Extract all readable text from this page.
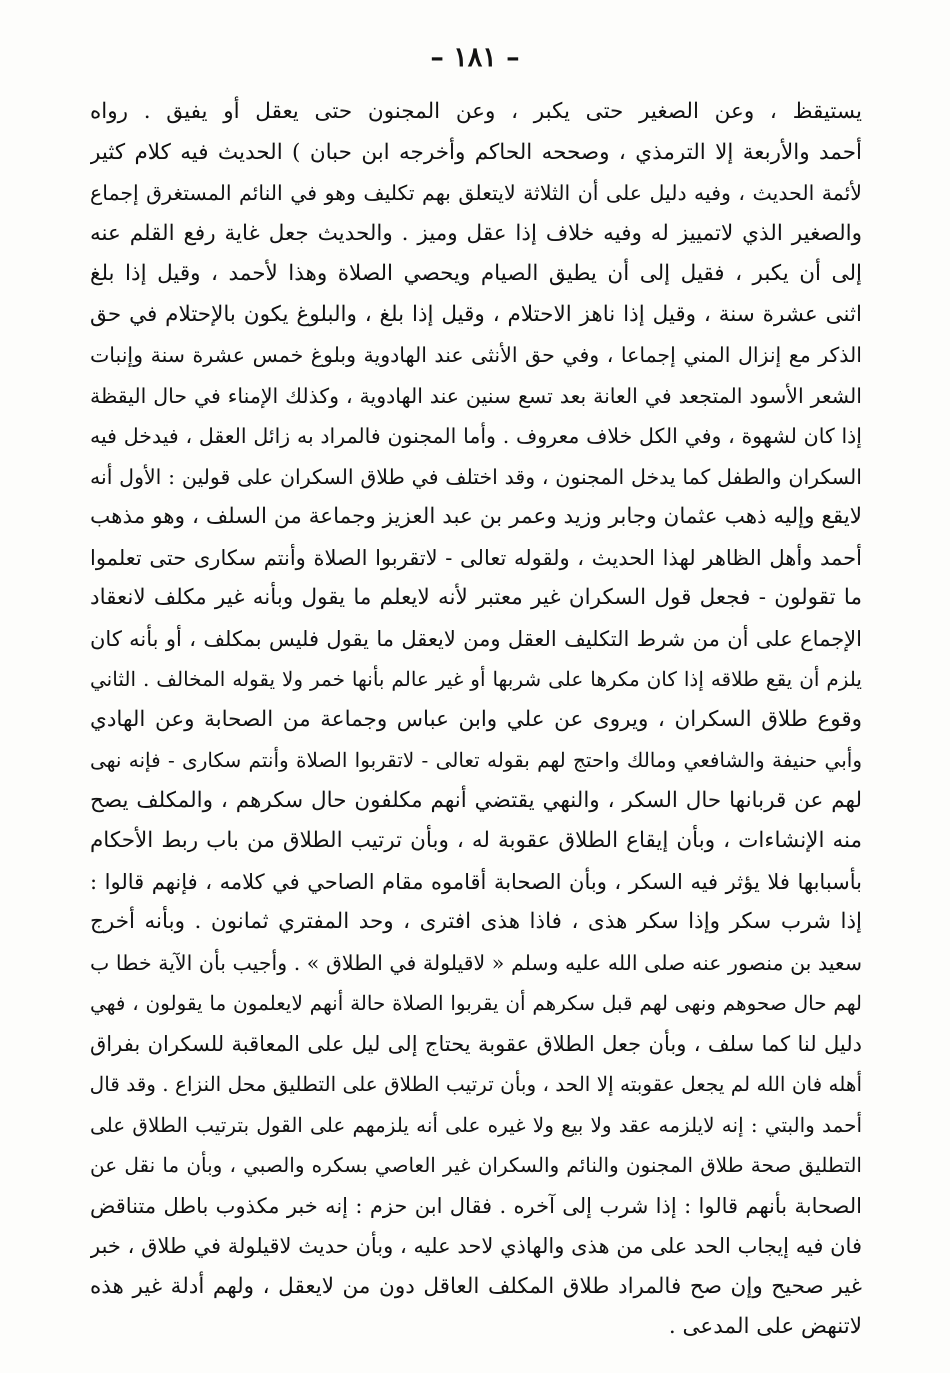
– ١٨١ –
يستيقظ ، وعن الصغير حتى يكبر ، وعن المجنون حتى يعقل أو يفيق . رواه
أحمد والأربعة إلا الترمذي ، وصححه الحاكم وأخرجه ابن حبان ) الحديث فيه كلام كثير
لأئمة الحديث ، وفيه دليل على أن الثلاثة لايتعلق بهم تكليف وهو في النائم المستغرق إجماع
والصغير الذي لاتمييز له وفيه خلاف إذا عقل وميز . والحديث جعل غاية رفع القلم عنه
إلى أن يكبر ، فقيل إلى أن يطيق الصيام ويحصي الصلاة وهذا لأحمد ، وقيل إذا بلغ
اثنى عشرة سنة ، وقيل إذا ناهز الاحتلام ، وقيل إذا بلغ ، والبلوغ يكون بالإحتلام في حق
الذكر مع إنزال المني إجماعا ، وفي حق الأنثى عند الهادوية وبلوغ خمس عشرة سنة وإنبات
الشعر الأسود المتجعد في العانة بعد تسع سنين عند الهادوية ، وكذلك الإمناء في حال اليقظة
إذا كان لشهوة ، وفي الكل خلاف معروف . وأما المجنون فالمراد به زائل العقل ، فيدخل فيه
السكران والطفل كما يدخل المجنون ، وقد اختلف في طلاق السكران على قولين : الأول أنه
لايقع وإليه ذهب عثمان وجابر وزيد وعمر بن عبد العزيز وجماعة من السلف ، وهو مذهب
أحمد وأهل الظاهر لهذا الحديث ، ولقوله تعالى - لاتقربوا الصلاة وأنتم سكارى حتى تعلموا
ما تقولون - فجعل قول السكران غير معتبر لأنه لايعلم ما يقول وبأنه غير مكلف لانعقاد
الإجماع على أن من شرط التكليف العقل ومن لايعقل ما يقول فليس بمكلف ، أو بأنه كان
يلزم أن يقع طلاقه إذا كان مكرها على شربها أو غير عالم بأنها خمر ولا يقوله المخالف . الثاني
وقوع طلاق السكران ، ويروى عن علي وابن عباس وجماعة من الصحابة وعن الهادي
وأبي حنيفة والشافعي ومالك واحتج لهم بقوله تعالى - لاتقربوا الصلاة وأنتم سكارى - فإنه نهى
لهم عن قربانها حال السكر ، والنهي يقتضي أنهم مكلفون حال سكرهم ، والمكلف يصح
منه الإنشاءات ، وبأن إيقاع الطلاق عقوبة له ، وبأن ترتيب الطلاق من باب ربط الأحكام
بأسبابها فلا يؤثر فيه السكر ، وبأن الصحابة أقاموه مقام الصاحي في كلامه ، فإنهم قالوا :
إذا شرب سكر وإذا سكر هذى ، فاذا هذى افترى ، وحد المفتري ثمانون . وبأنه أخرج
سعيد بن منصور عنه صلى الله عليه وسلم « لاقيلولة في الطلاق » . وأجيب بأن الآية خطا ب
لهم حال صحوهم ونهى لهم قبل سكرهم أن يقربوا الصلاة حالة أنهم لايعلمون ما يقولون ، فهي
دليل لنا كما سلف ، وبأن جعل الطلاق عقوبة يحتاج إلى ليل على المعاقبة للسكران بفراق
أهله فان الله لم يجعل عقوبته إلا الحد ، وبأن ترتيب الطلاق على التطليق محل النزاع . وقد قال
أحمد والبتي : إنه لايلزمه عقد ولا بيع ولا غيره على أنه يلزمهم على القول بترتيب الطلاق على
التطليق صحة طلاق المجنون والنائم والسكران غير العاصي بسكره والصبي ، وبأن ما نقل عن
الصحابة بأنهم قالوا : إذا شرب إلى آخره . فقال ابن حزم : إنه خبر مكذوب باطل متناقض
فان فيه إيجاب الحد على من هذى والهاذي لاحد عليه ، وبأن حديث لاقيلولة في طلاق ، خبر
غير صحيح وإن صح فالمراد طلاق المكلف العاقل دون من لايعقل ، ولهم أدلة غير هذه
لاتنهض على المدعى .
